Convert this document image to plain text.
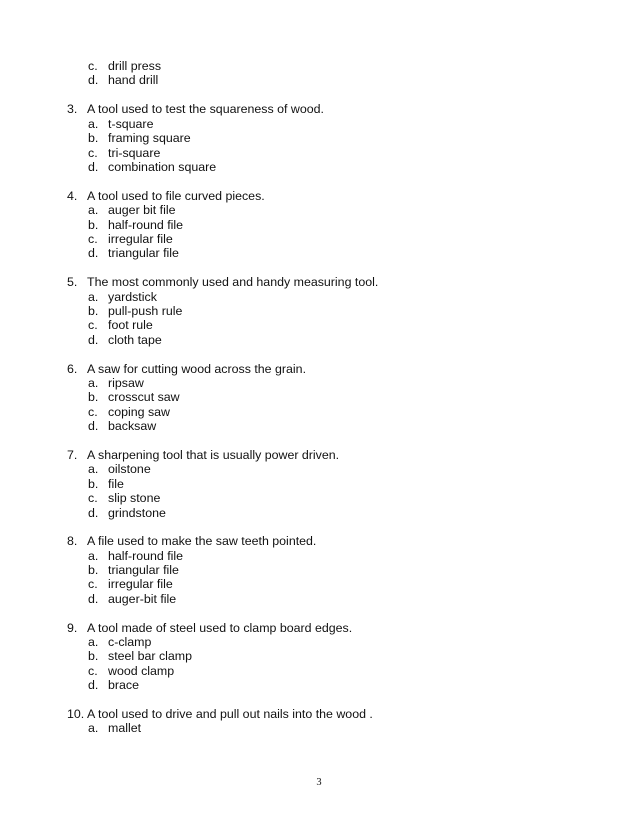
c. drill press
d. hand drill
3. A tool used to test the squareness of wood.
a. t-square
b. framing square
c. tri-square
d. combination square
4. A tool used to file curved pieces.
a. auger bit file
b. half-round file
c. irregular file
d. triangular file
5. The most commonly used and handy measuring tool.
a. yardstick
b. pull-push rule
c. foot rule
d. cloth tape
6. A saw for cutting wood across the grain.
a. ripsaw
b. crosscut saw
c. coping saw
d. backsaw
7. A sharpening tool that is usually power driven.
a. oilstone
b. file
c. slip stone
d. grindstone
8. A file used to make the saw teeth pointed.
a. half-round file
b. triangular file
c. irregular file
d. auger-bit file
9. A tool made of steel used to clamp board edges.
a. c-clamp
b. steel bar clamp
c. wood clamp
d. brace
10. A tool used to drive and pull out nails into the wood .
a. mallet
3
